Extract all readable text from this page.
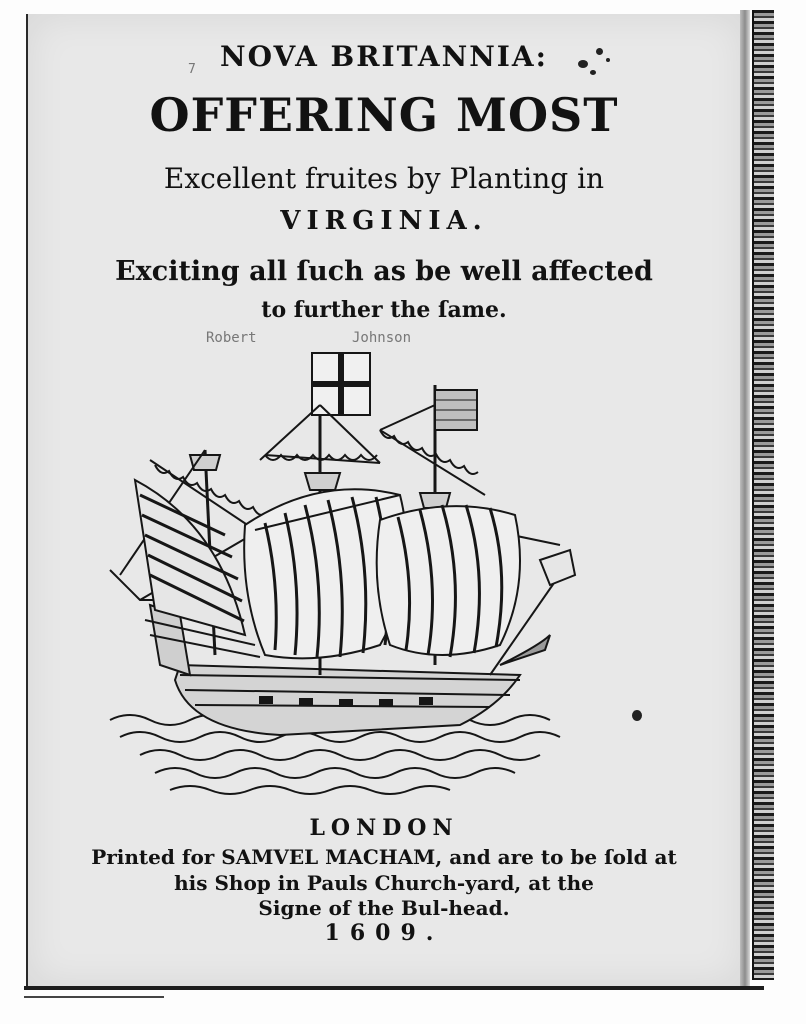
7 NOVA BRITANNIA:
OFFERING MOST
Excellent fruites by Planting in
VIRGINIA.
Exciting all ſuch as be well affected
to further the ſame.
Robert	Johnson
LONDON
Printed for SAMVEL MACHAM, and are to be ſold at
his Shop in Pauls Church-yard, at the
Signe of the Bul-head.
1609.
